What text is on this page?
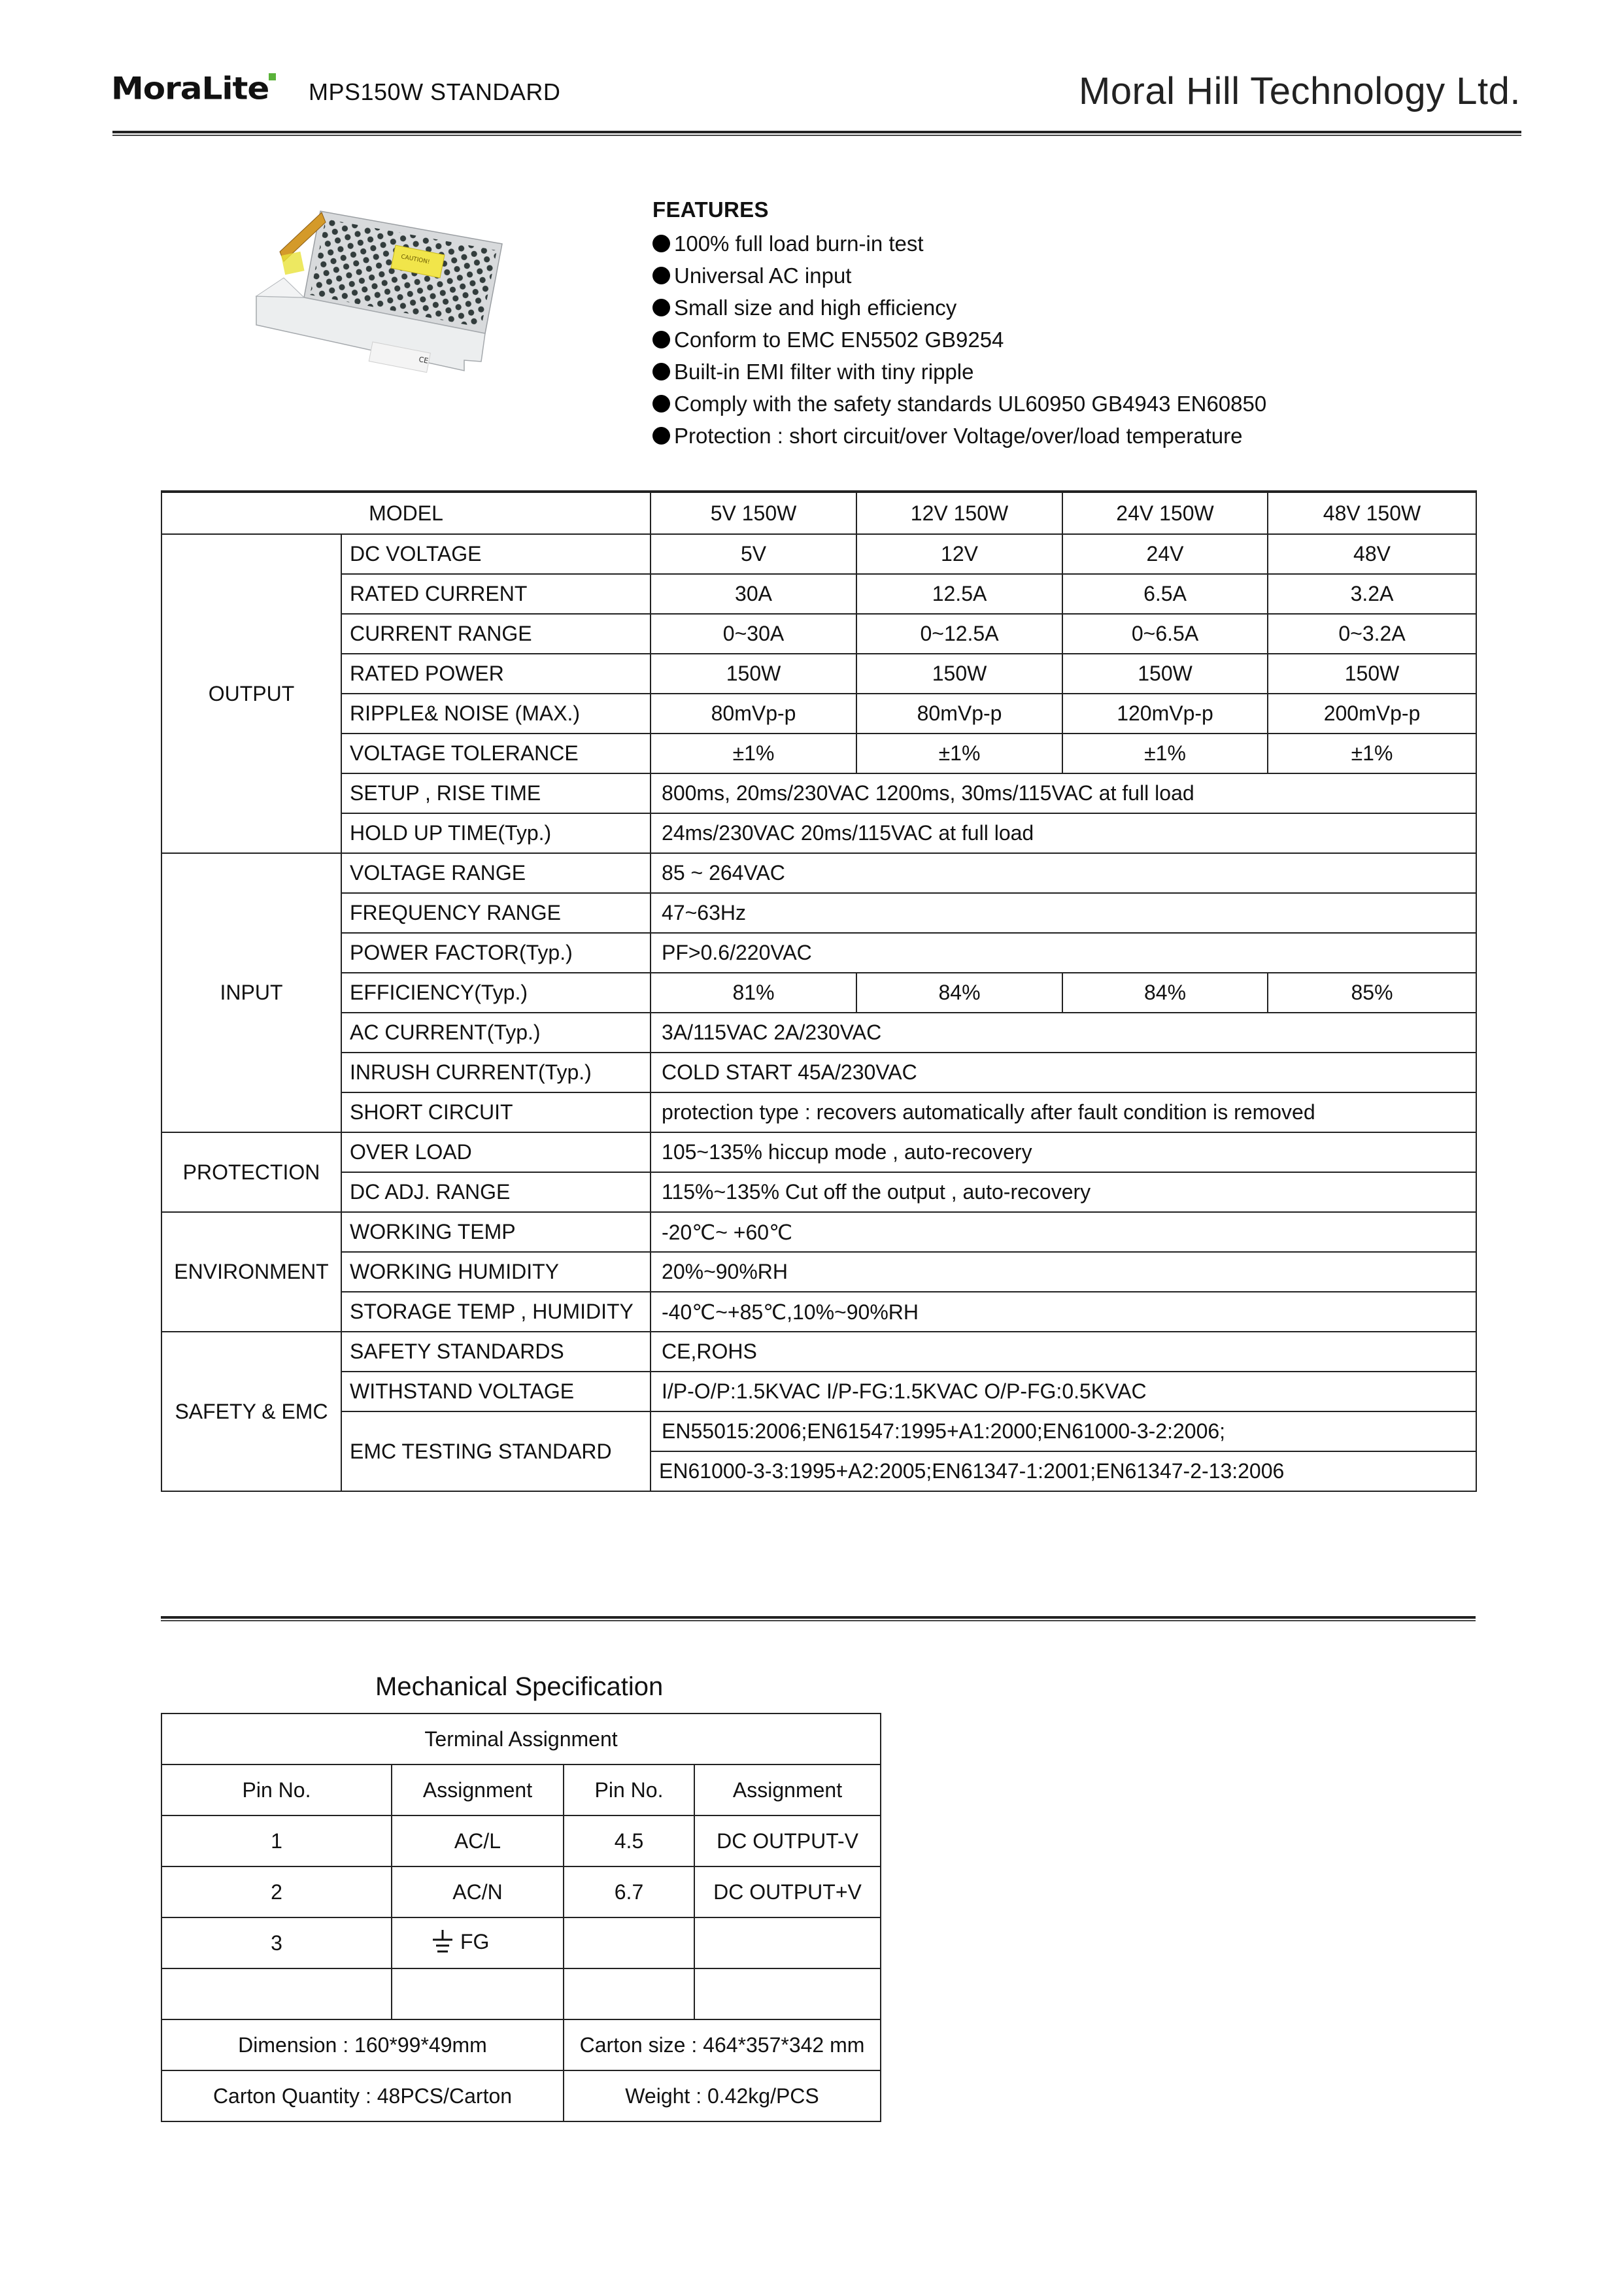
MoraLite MPS150W STANDARD	Moral Hill Technology Ltd.
CAUTION!
CE
FEATURES
100% full load burn-in test
Universal AC input
Small size and high efficiency
Conform to EMC EN5502 GB9254
Built-in EMI filter with tiny ripple
Comply with the safety standards UL60950 GB4943 EN60850
Protection : short circuit/over Voltage/over/load temperature
MODEL		5V 150W	12V 150W	24V 150W	48V 150W
OUTPUT	DC VOLTAGE	5V	12V	24V	48V
	RATED CURRENT	30A	12.5A	6.5A	3.2A
	CURRENT RANGE	0~30A	0~12.5A	0~6.5A	0~3.2A
	RATED POWER	150W	150W	150W	150W
	RIPPLE& NOISE (MAX.)	80mVp-p	80mVp-p	120mVp-p	200mVp-p
	VOLTAGE TOLERANCE	±1%	±1%	±1%	±1%
	SETUP , RISE TIME	800ms, 20ms/230VAC 1200ms, 30ms/115VAC at full load			
	HOLD UP TIME(Typ.)	24ms/230VAC 20ms/115VAC at full load			
INPUT	VOLTAGE RANGE	85 ~ 264VAC			
	FREQUENCY RANGE	47~63Hz			
	POWER FACTOR(Typ.)	PF>0.6/220VAC			
	EFFICIENCY(Typ.)	81%	84%	84%	85%
	AC CURRENT(Typ.)	3A/115VAC 2A/230VAC			
	INRUSH CURRENT(Typ.)	COLD START 45A/230VAC			
	SHORT CIRCUIT	protection type : recovers automatically after fault condition is removed			
PROTECTION	OVER LOAD	105~135% hiccup mode , auto-recovery			
	DC ADJ. RANGE	115%~135% Cut off the output , auto-recovery			
ENVIRONMENT	WORKING TEMP	-20℃~ +60℃			
	WORKING HUMIDITY	20%~90%RH			
	STORAGE TEMP , HUMIDITY	-40℃~+85℃,10%~90%RH			
SAFETY & EMC	SAFETY STANDARDS	CE,ROHS			
	WITHSTAND VOLTAGE	I/P-O/P:1.5KVAC I/P-FG:1.5KVAC O/P-FG:0.5KVAC			
	EMC TESTING STANDARD	EN55015:2006;EN61547:1995+A1:2000;EN61000-3-2:2006;			
		EN61000-3-3:1995+A2:2005;EN61347-1:2001;EN61347-2-13:2006			
Mechanical Specification
Terminal Assignment			
Pin No.	Assignment	Pin No.	Assignment
1	AC/L	4.5	DC OUTPUT-V
2	AC/N	6.7	DC OUTPUT+V
3	FG		

Dimension : 160*99*49mm		Carton size : 464*357*342 mm	
Carton Quantity : 48PCS/Carton		Weight : 0.42kg/PCS	
